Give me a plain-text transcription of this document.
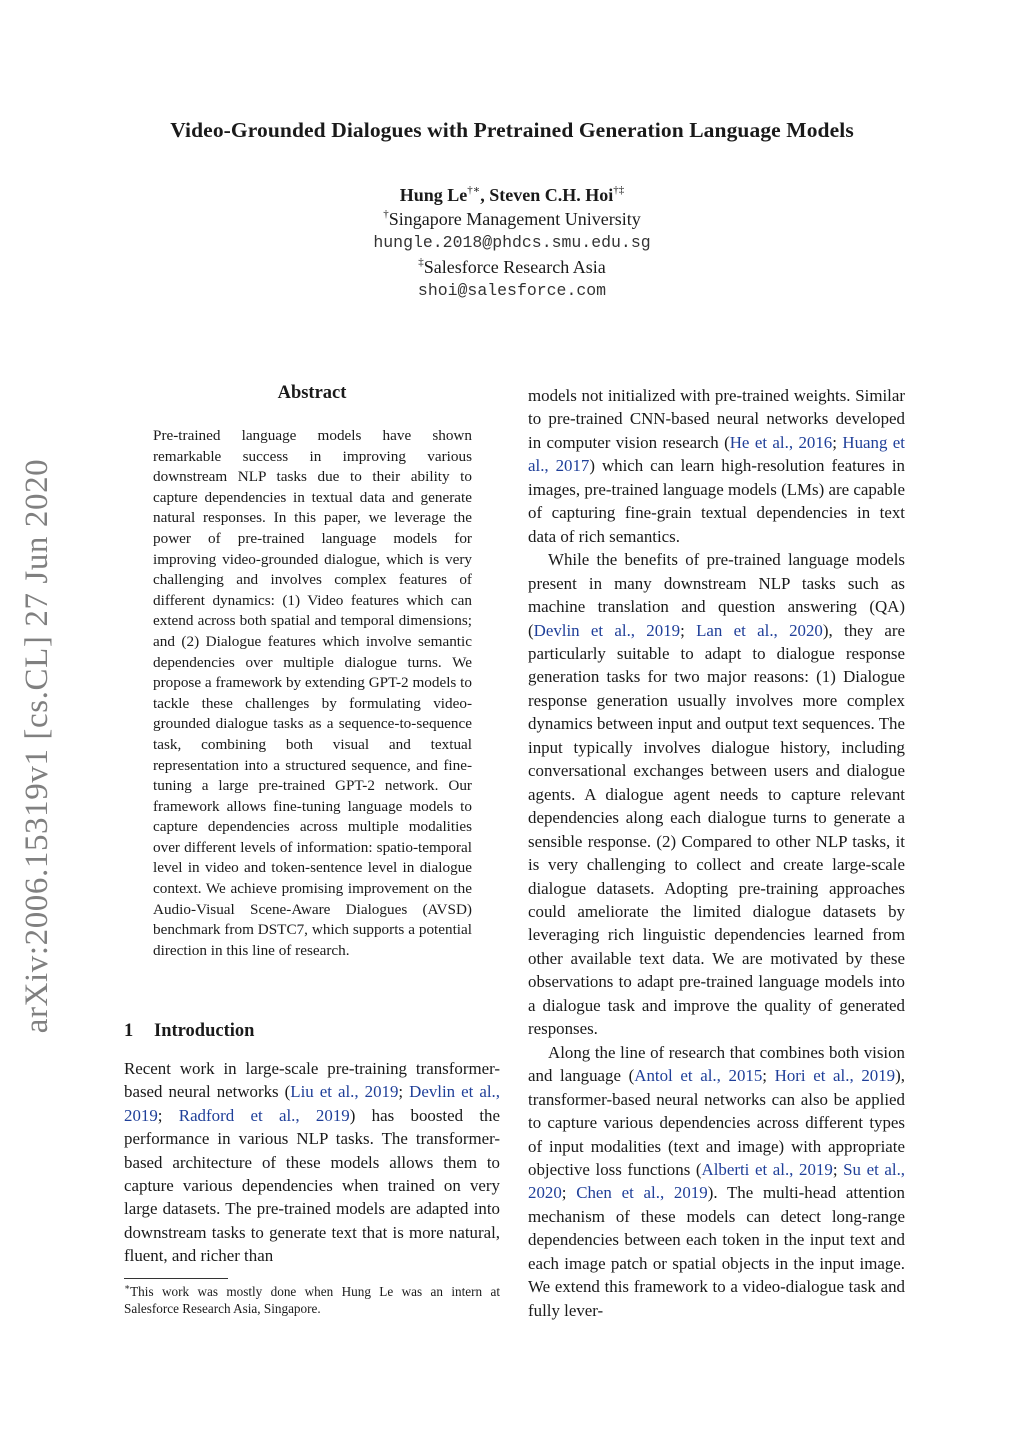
Video-Grounded Dialogues with Pretrained Generation Language Models
Hung Le†∗, Steven C.H. Hoi†‡
†Singapore Management University
hungle.2018@phdcs.smu.edu.sg
‡Salesforce Research Asia
shoi@salesforce.com
arXiv:2006.15319v1 [cs.CL] 27 Jun 2020
Abstract

Pre-trained language models have shown remarkable success in improving various downstream NLP tasks due to their ability to capture dependencies in textual data and generate natural responses. In this paper, we leverage the power of pre-trained language models for improving video-grounded dialogue, which is very challenging and involves complex features of different dynamics: (1) Video features which can extend across both spatial and temporal dimensions; and (2) Dialogue features which involve semantic dependencies over multiple dialogue turns. We propose a framework by extending GPT-2 models to tackle these challenges by formulating video-grounded dialogue tasks as a sequence-to-sequence task, combining both visual and textual representation into a structured sequence, and fine-tuning a large pre-trained GPT-2 network. Our framework allows fine-tuning language models to capture dependencies across multiple modalities over different levels of information: spatio-temporal level in video and token-sentence level in dialogue context. We achieve promising improvement on the Audio-Visual Scene-Aware Dialogues (AVSD) benchmark from DSTC7, which supports a potential direction in this line of research.

1 Introduction

Recent work in large-scale pre-training transformer-based neural networks (Liu et al., 2019; Devlin et al., 2019; Radford et al., 2019) has boosted the performance in various NLP tasks. The transformer-based architecture of these models allows them to capture various dependencies when trained on very large datasets. The pre-trained models are adapted into downstream tasks to generate text that is more natural, fluent, and richer than

∗This work was mostly done when Hung Le was an intern at Salesforce Research Asia, Singapore.

models not initialized with pre-trained weights. Similar to pre-trained CNN-based neural networks developed in computer vision research (He et al., 2016; Huang et al., 2017) which can learn high-resolution features in images, pre-trained language models (LMs) are capable of capturing fine-grain textual dependencies in text data of rich semantics.

While the benefits of pre-trained language models present in many downstream NLP tasks such as machine translation and question answering (QA) (Devlin et al., 2019; Lan et al., 2020), they are particularly suitable to adapt to dialogue response generation tasks for two major reasons: (1) Dialogue response generation usually involves more complex dynamics between input and output text sequences. The input typically involves dialogue history, including conversational exchanges between users and dialogue agents. A dialogue agent needs to capture relevant dependencies along each dialogue turns to generate a sensible response. (2) Compared to other NLP tasks, it is very challenging to collect and create large-scale dialogue datasets. Adopting pre-training approaches could ameliorate the limited dialogue datasets by leveraging rich linguistic dependencies learned from other available text data. We are motivated by these observations to adapt pre-trained language models into a dialogue task and improve the quality of generated responses.

Along the line of research that combines both vision and language (Antol et al., 2015; Hori et al., 2019), transformer-based neural networks can also be applied to capture various dependencies across different types of input modalities (text and image) with appropriate objective loss functions (Alberti et al., 2019; Su et al., 2020; Chen et al., 2019). The multi-head attention mechanism of these models can detect long-range dependencies between each token in the input text and each image patch or spatial objects in the input image. We extend this framework to a video-dialogue task and fully lever-
